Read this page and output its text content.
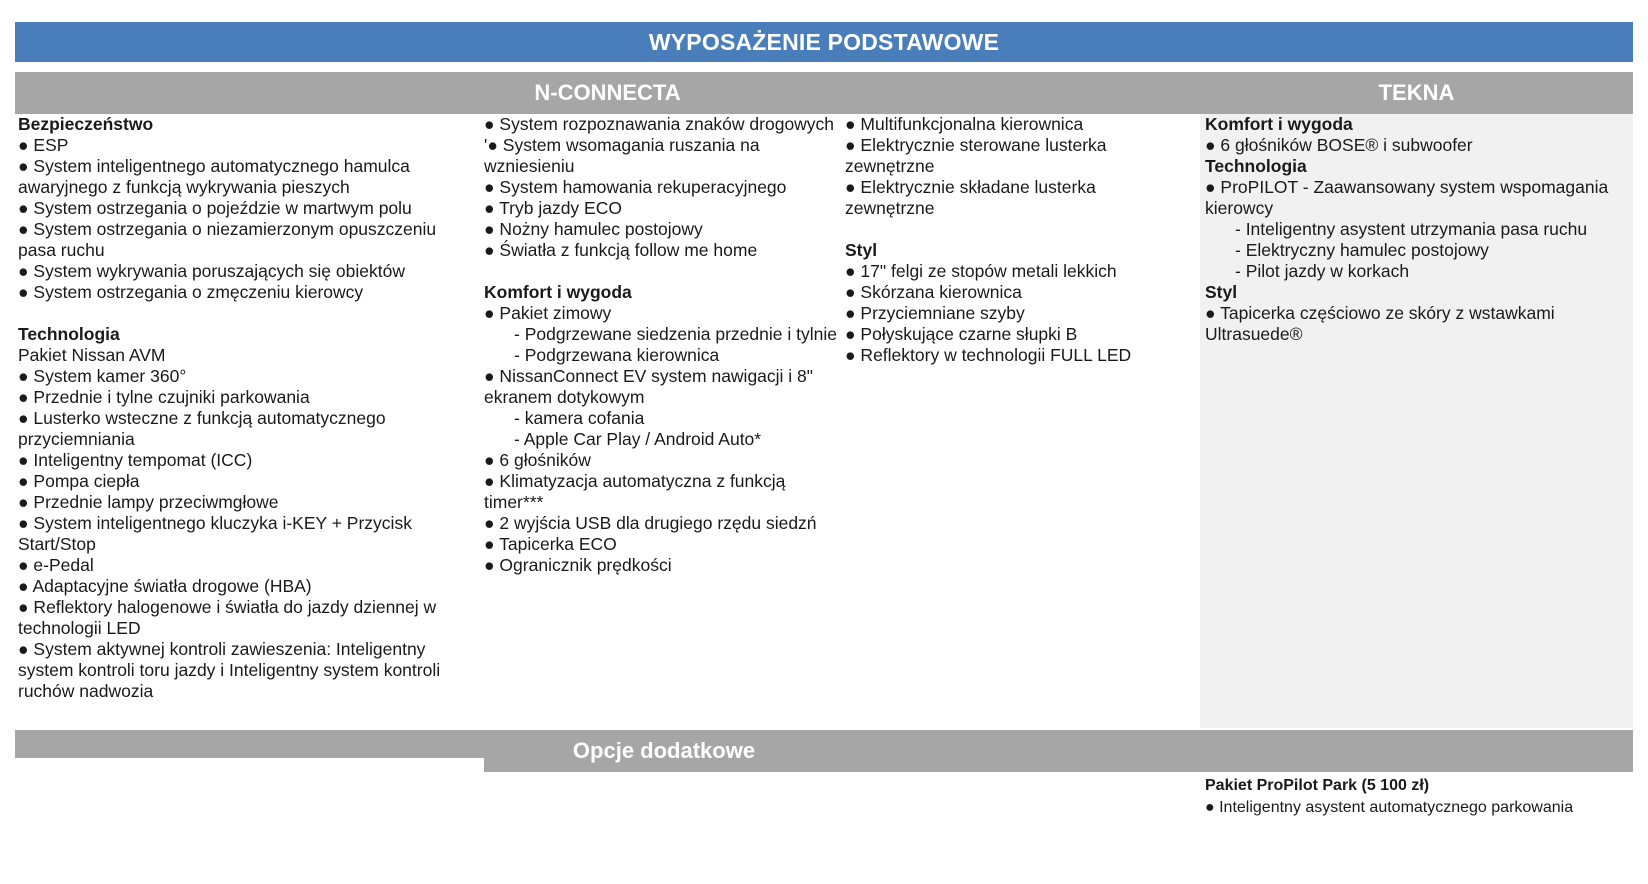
WYPOSAŻENIE PODSTAWOWE
N-CONNECTA	TEKNA
Bezpieczeństwo
● ESP
● System inteligentnego automatycznego hamulca awaryjnego z funkcją wykrywania pieszych
● System ostrzegania o pojeździe w martwym polu
● System ostrzegania o niezamierzonym opuszczeniu pasa ruchu
● System wykrywania poruszających się obiektów
● System ostrzegania o zmęczeniu kierowcy
Technologia
Pakiet Nissan AVM
● System kamer 360°
● Przednie i tylne czujniki parkowania
● Lusterko wsteczne z funkcją automatycznego przyciemniania
● Inteligentny tempomat (ICC)
● Pompa ciepła
● Przednie lampy przeciwmgłowe
● System inteligentnego kluczyka i-KEY + Przycisk Start/Stop
● e-Pedal
● Adaptacyjne światła drogowe (HBA)
● Reflektory halogenowe i światła do jazdy dziennej w technologii LED
● System aktywnej kontroli zawieszenia: Inteligentny system kontroli toru jazdy i Inteligentny system kontroli ruchów nadwozia
● System rozpoznawania znaków drogowych
'● System wsomagania ruszania na wzniesieniu
● System hamowania rekuperacyjnego
● Tryb jazdy ECO
● Nożny hamulec postojowy
● Światła z funkcją follow me home
Komfort i wygoda
● Pakiet zimowy
- Podgrzewane siedzenia przednie i tylnie
- Podgrzewana kierownica
● NissanConnect EV system nawigacji i 8" ekranem dotykowym
- kamera cofania
- Apple Car Play / Android Auto*
● 6 głośników
● Klimatyzacja automatyczna z funkcją timer***
● 2 wyjścia USB dla drugiego rzędu siedzń
● Tapicerka ECO
● Ogranicznik prędkości
● Multifunkcjonalna kierownica
● Elektrycznie sterowane lusterka zewnętrzne
● Elektrycznie składane lusterka zewnętrzne
Styl
● 17" felgi ze stopów metali lekkich
● Skórzana kierownica
● Przyciemniane szyby
● Połyskujące czarne słupki B
● Reflektory w technologii FULL LED
Komfort i wygoda
● 6 głośników BOSE® i subwoofer
Technologia
● ProPILOT - Zaawansowany system wspomagania kierowcy
- Inteligentny asystent utrzymania pasa ruchu
- Elektryczny hamulec postojowy
- Pilot jazdy w korkach
Styl
● Tapicerka częściowo ze skóry z wstawkami Ultrasuede®
Opcje dodatkowe
Pakiet ProPilot Park (5 100 zł)
● Inteligentny asystent automatycznego parkowania
